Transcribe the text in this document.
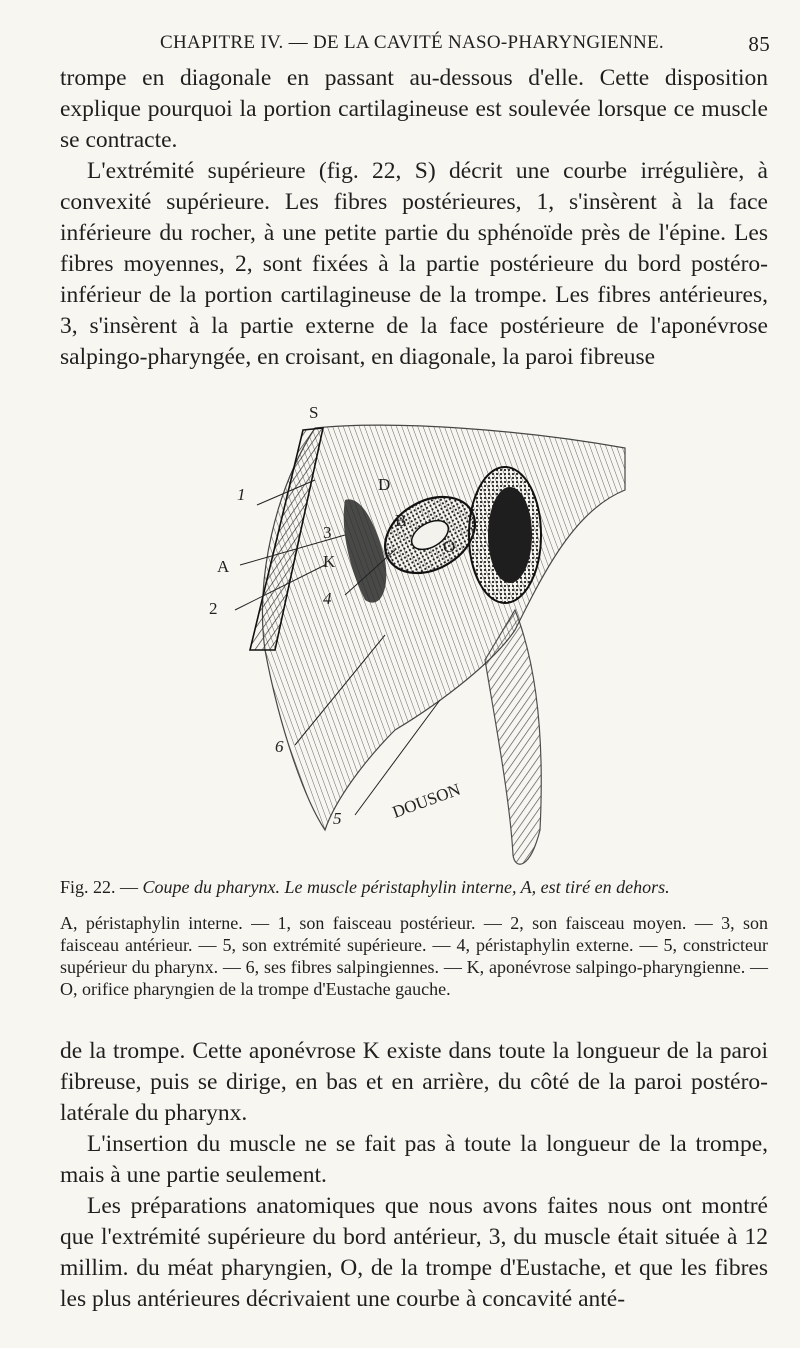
CHAPITRE IV. — DE LA CAVITÉ NASO-PHARYNGIENNE.	85

trompe en diagonale en passant au-dessous d'elle. Cette disposition explique pourquoi la portion cartilagineuse est soulevée lorsque ce muscle se contracte.

L'extrémité supérieure (fig. 22, S) décrit une courbe irrégulière, à convexité supérieure. Les fibres postérieures, 1, s'insèrent à la face inférieure du rocher, à une petite partie du sphénoïde près de l'épine. Les fibres moyennes, 2, sont fixées à la partie postérieure du bord postéro-inférieur de la portion cartilagineuse de la trompe. Les fibres antérieures, 3, s'insèrent à la partie externe de la face postérieure de l'aponévrose salpingo-pharyngée, en croisant, en diagonale, la paroi fibreuse

S
1
D
B
3
K
O
A
4
2
6
5	DOUSON

Fig. 22. — Coupe du pharynx. Le muscle péristaphylin interne, A, est tiré en dehors.

A, péristaphylin interne. — 1, son faisceau postérieur. — 2, son faisceau moyen. — 3, son faisceau antérieur. — 5, son extrémité supérieure. — 4, péristaphylin externe. — 5, constricteur supérieur du pharynx. — 6, ses fibres salpingiennes. — K, aponévrose salpingo-pharyngienne. — O, orifice pharyngien de la trompe d'Eustache gauche.

de la trompe. Cette aponévrose K existe dans toute la longueur de la paroi fibreuse, puis se dirige, en bas et en arrière, du côté de la paroi postéro-latérale du pharynx.

L'insertion du muscle ne se fait pas à toute la longueur de la trompe, mais à une partie seulement.

Les préparations anatomiques que nous avons faites nous ont montré que l'extrémité supérieure du bord antérieur, 3, du muscle était située à 12 millim. du méat pharyngien, O, de la trompe d'Eustache, et que les fibres les plus antérieures décrivaient une courbe à concavité anté-
